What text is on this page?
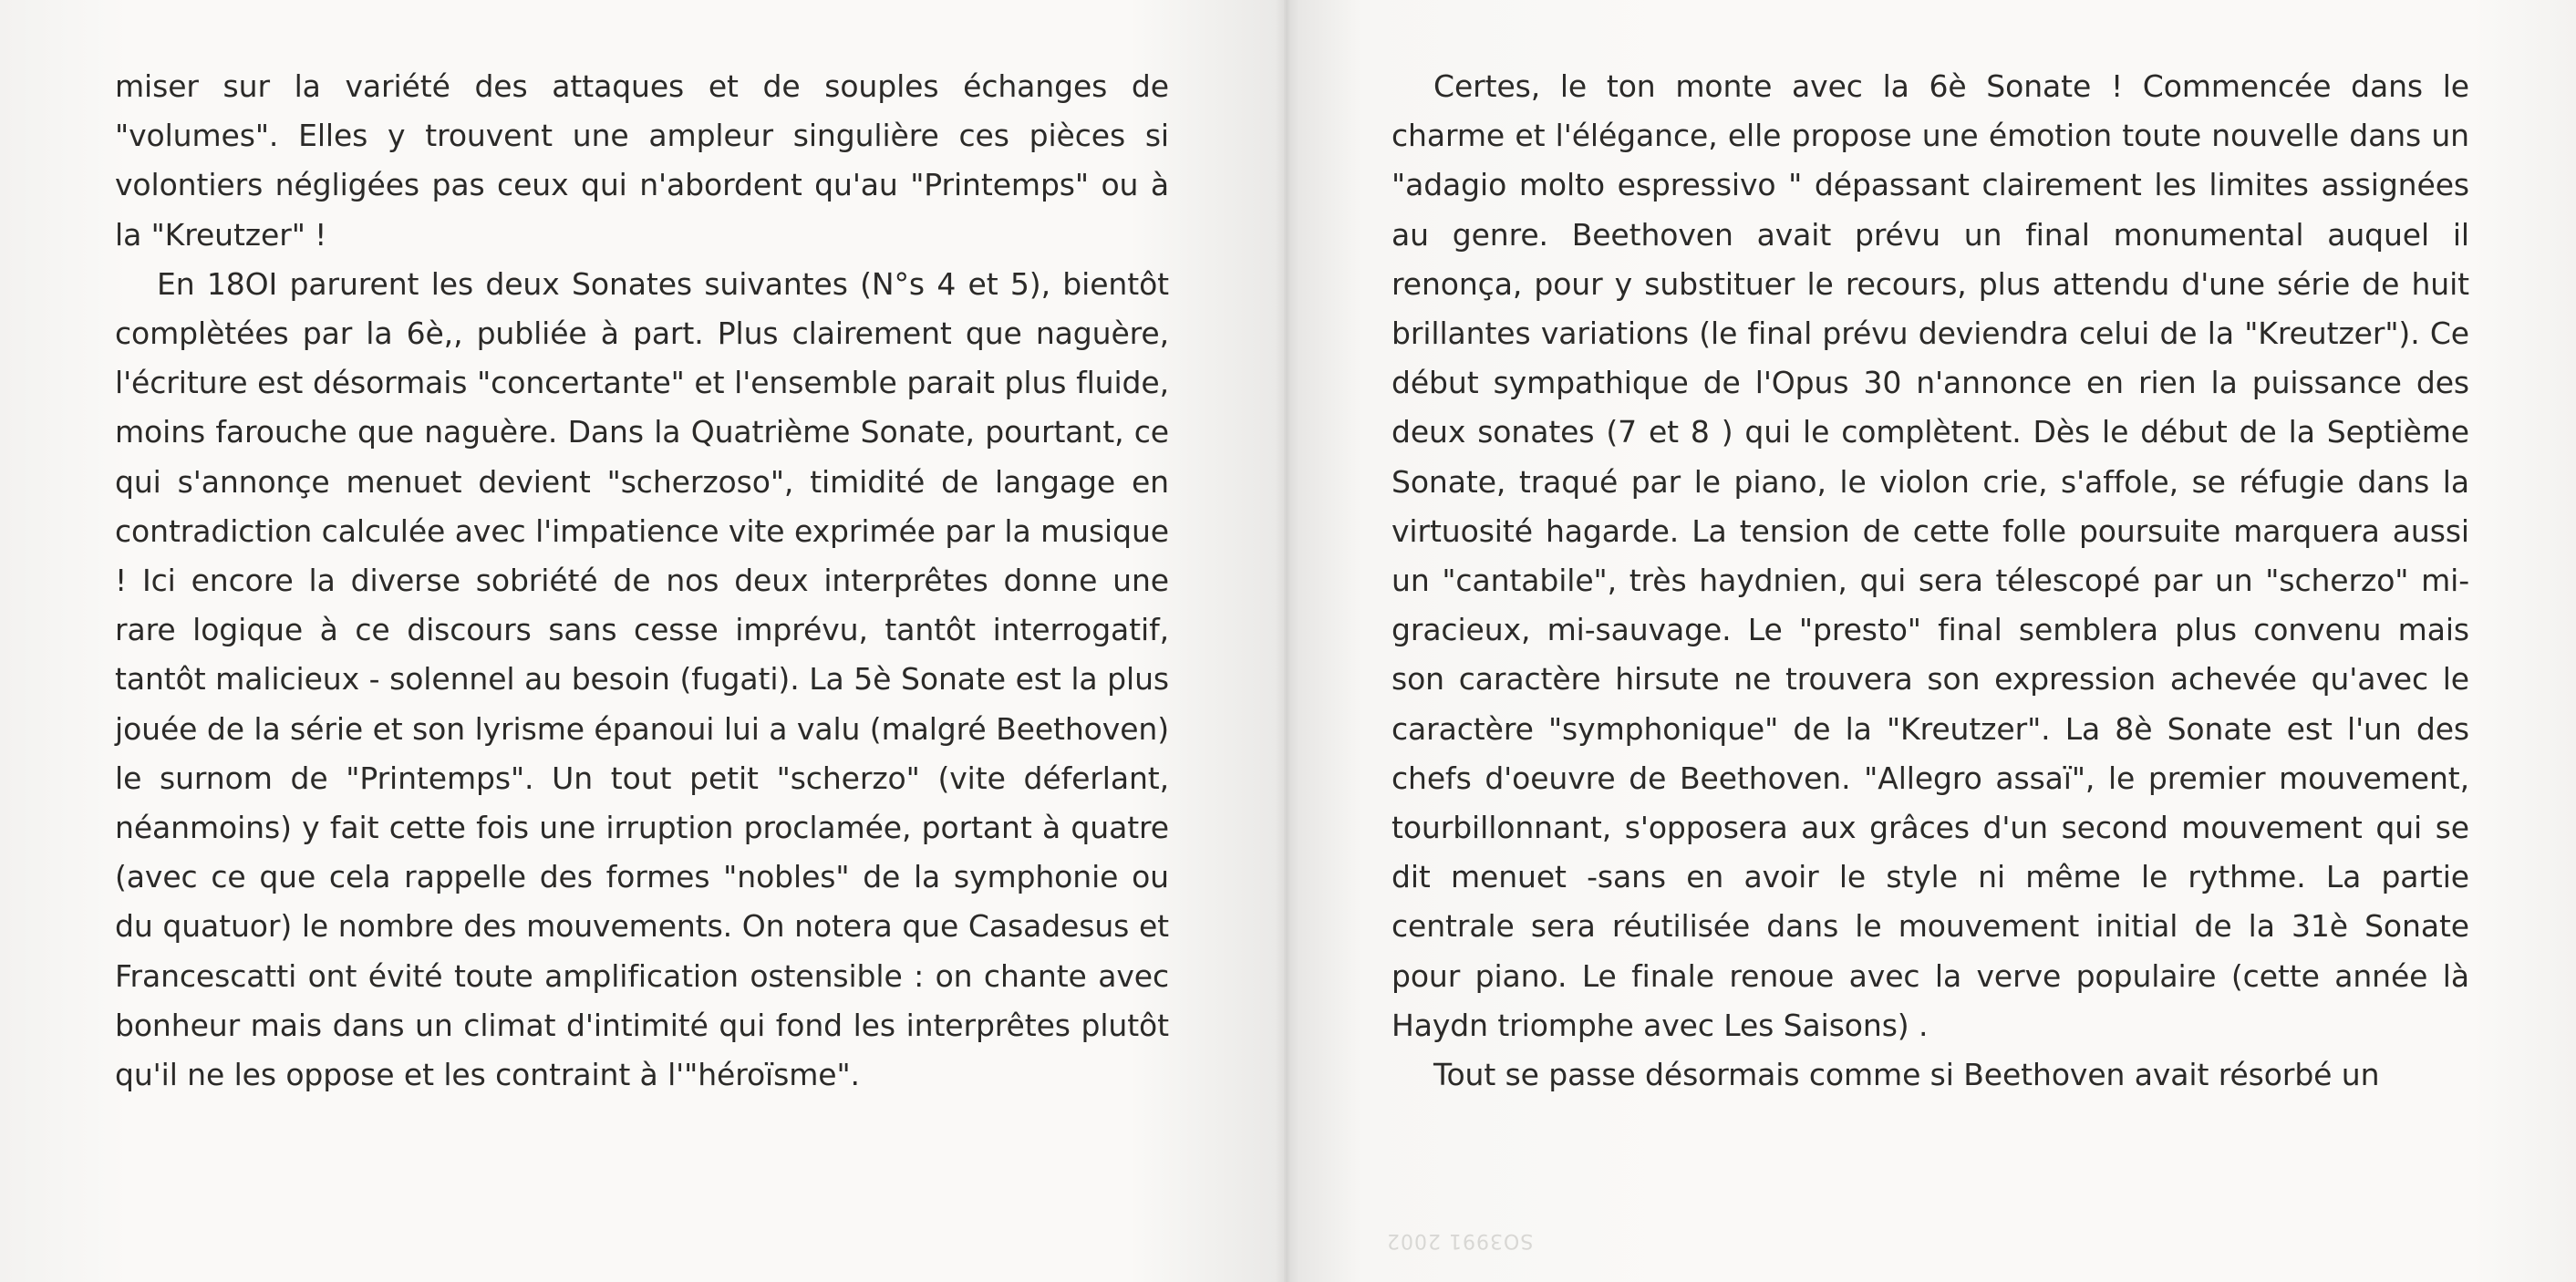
miser sur la variété des attaques et de souples échanges de "volumes". Elles y trouvent une ampleur singulière ces pièces si volontiers négligées pas ceux qui n'abordent qu'au "Printemps" ou à la "Kreutzer" !

En 18OI parurent les deux Sonates suivantes (N°s 4 et 5), bientôt complètées par la 6è,, publiée à part. Plus clairement que naguère, l'écriture est désormais "concertante" et l'ensemble parait plus fluide, moins farouche que naguère. Dans la Quatrième Sonate, pourtant, ce qui s'annonçe menuet devient "scherzoso", timidité de langage en contradiction calculée avec l'impatience vite exprimée par la musique ! Ici encore la diverse sobriété de nos deux interprêtes donne une rare logique à ce discours sans cesse imprévu, tantôt interrogatif, tantôt malicieux - solennel au besoin (fugati). La 5è Sonate est la plus jouée de la série et son lyrisme épanoui lui a valu (malgré Beethoven) le surnom de "Printemps". Un tout petit "scherzo" (vite déferlant, néanmoins) y fait cette fois une irruption proclamée, portant à quatre (avec ce que cela rappelle des formes "nobles" de la symphonie ou du quatuor) le nombre des mouvements. On notera que Casadesus et Francescatti ont évité toute amplification ostensible : on chante avec bonheur mais dans un climat d'intimité qui fond les interprêtes plutôt qu'il ne les oppose et les contraint à l'"héroïsme".

Certes, le ton monte avec la 6è Sonate ! Commencée dans le charme et l'élégance, elle propose une émotion toute nouvelle dans un "adagio molto espressivo " dépassant clairement les limites assignées au genre. Beethoven avait prévu un final monumental auquel il renonça, pour y substituer le recours, plus attendu d'une série de huit brillantes variations (le final prévu deviendra celui de la "Kreutzer"). Ce début sympathique de l'Opus 30 n'annonce en rien la puissance des deux sonates (7 et 8 ) qui le complètent. Dès le début de la Septième Sonate, traqué par le piano, le violon crie, s'affole, se réfugie dans la virtuosité hagarde. La tension de cette folle poursuite marquera aussi un "cantabile", très haydnien, qui sera télescopé par un "scherzo" mi-gracieux, mi-sauvage. Le "presto" final semblera plus convenu mais son caractère hirsute ne trouvera son expression achevée qu'avec le caractère "symphonique" de la "Kreutzer". La 8è Sonate est l'un des chefs d'oeuvre de Beethoven. "Allegro assaï", le premier mouvement, tourbillonnant, s'opposera aux grâces d'un second mouvement qui se dit menuet -sans en avoir le style ni même le rythme. La partie centrale sera réutilisée dans le mouvement initial de la 31è Sonate pour piano. Le finale renoue avec la verve populaire (cette année là Haydn triomphe avec Les Saisons) .

Tout se passe désormais comme si Beethoven avait résorbé un

SO3991 2002
